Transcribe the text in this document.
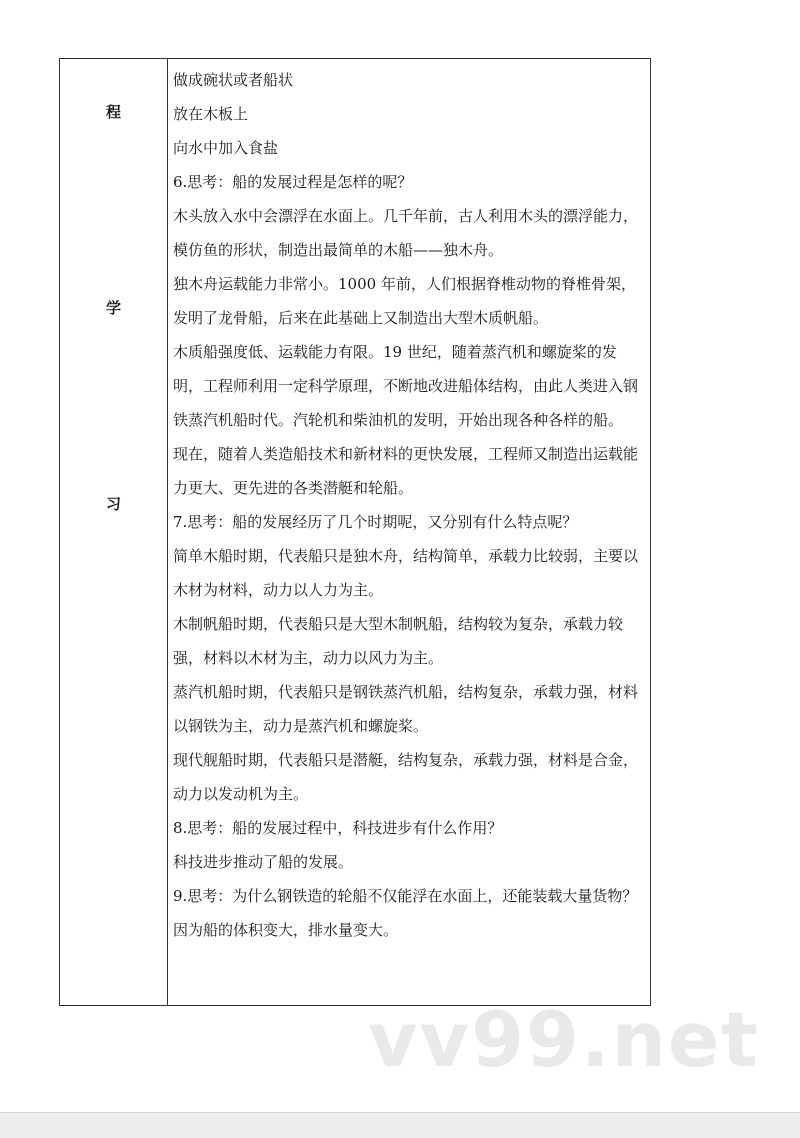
程
学
习

做成碗状或者船状

放在木板上

向水中加入食盐

6.思考：船的发展过程是怎样的呢？

木头放入水中会漂浮在水面上。几千年前，古人利用木头的漂浮能力，模仿鱼的形状，制造出最简单的木船——独木舟。

独木舟运载能力非常小。1000 年前，人们根据脊椎动物的脊椎骨架，发明了龙骨船，后来在此基础上又制造出大型木质帆船。

木质船强度低、运载能力有限。19 世纪，随着蒸汽机和螺旋桨的发明，工程师利用一定科学原理，不断地改进船体结构，由此人类进入钢铁蒸汽机船时代。汽轮机和柴油机的发明，开始出现各种各样的船。

现在，随着人类造船技术和新材料的更快发展，工程师又制造出运载能力更大、更先进的各类潜艇和轮船。

7.思考：船的发展经历了几个时期呢，又分别有什么特点呢？

简单木船时期，代表船只是独木舟，结构简单，承载力比较弱，主要以木材为材料，动力以人力为主。

木制帆船时期，代表船只是大型木制帆船，结构较为复杂，承载力较强，材料以木材为主，动力以风力为主。

蒸汽机船时期，代表船只是钢铁蒸汽机船，结构复杂，承载力强，材料以钢铁为主，动力是蒸汽机和螺旋桨。

现代舰船时期，代表船只是潜艇，结构复杂，承载力强，材料是合金，动力以发动机为主。

8.思考：船的发展过程中，科技进步有什么作用？

科技进步推动了船的发展。

9.思考：为什么钢铁造的轮船不仅能浮在水面上，还能装载大量货物？

因为船的体积变大，排水量变大。

vv99.net
